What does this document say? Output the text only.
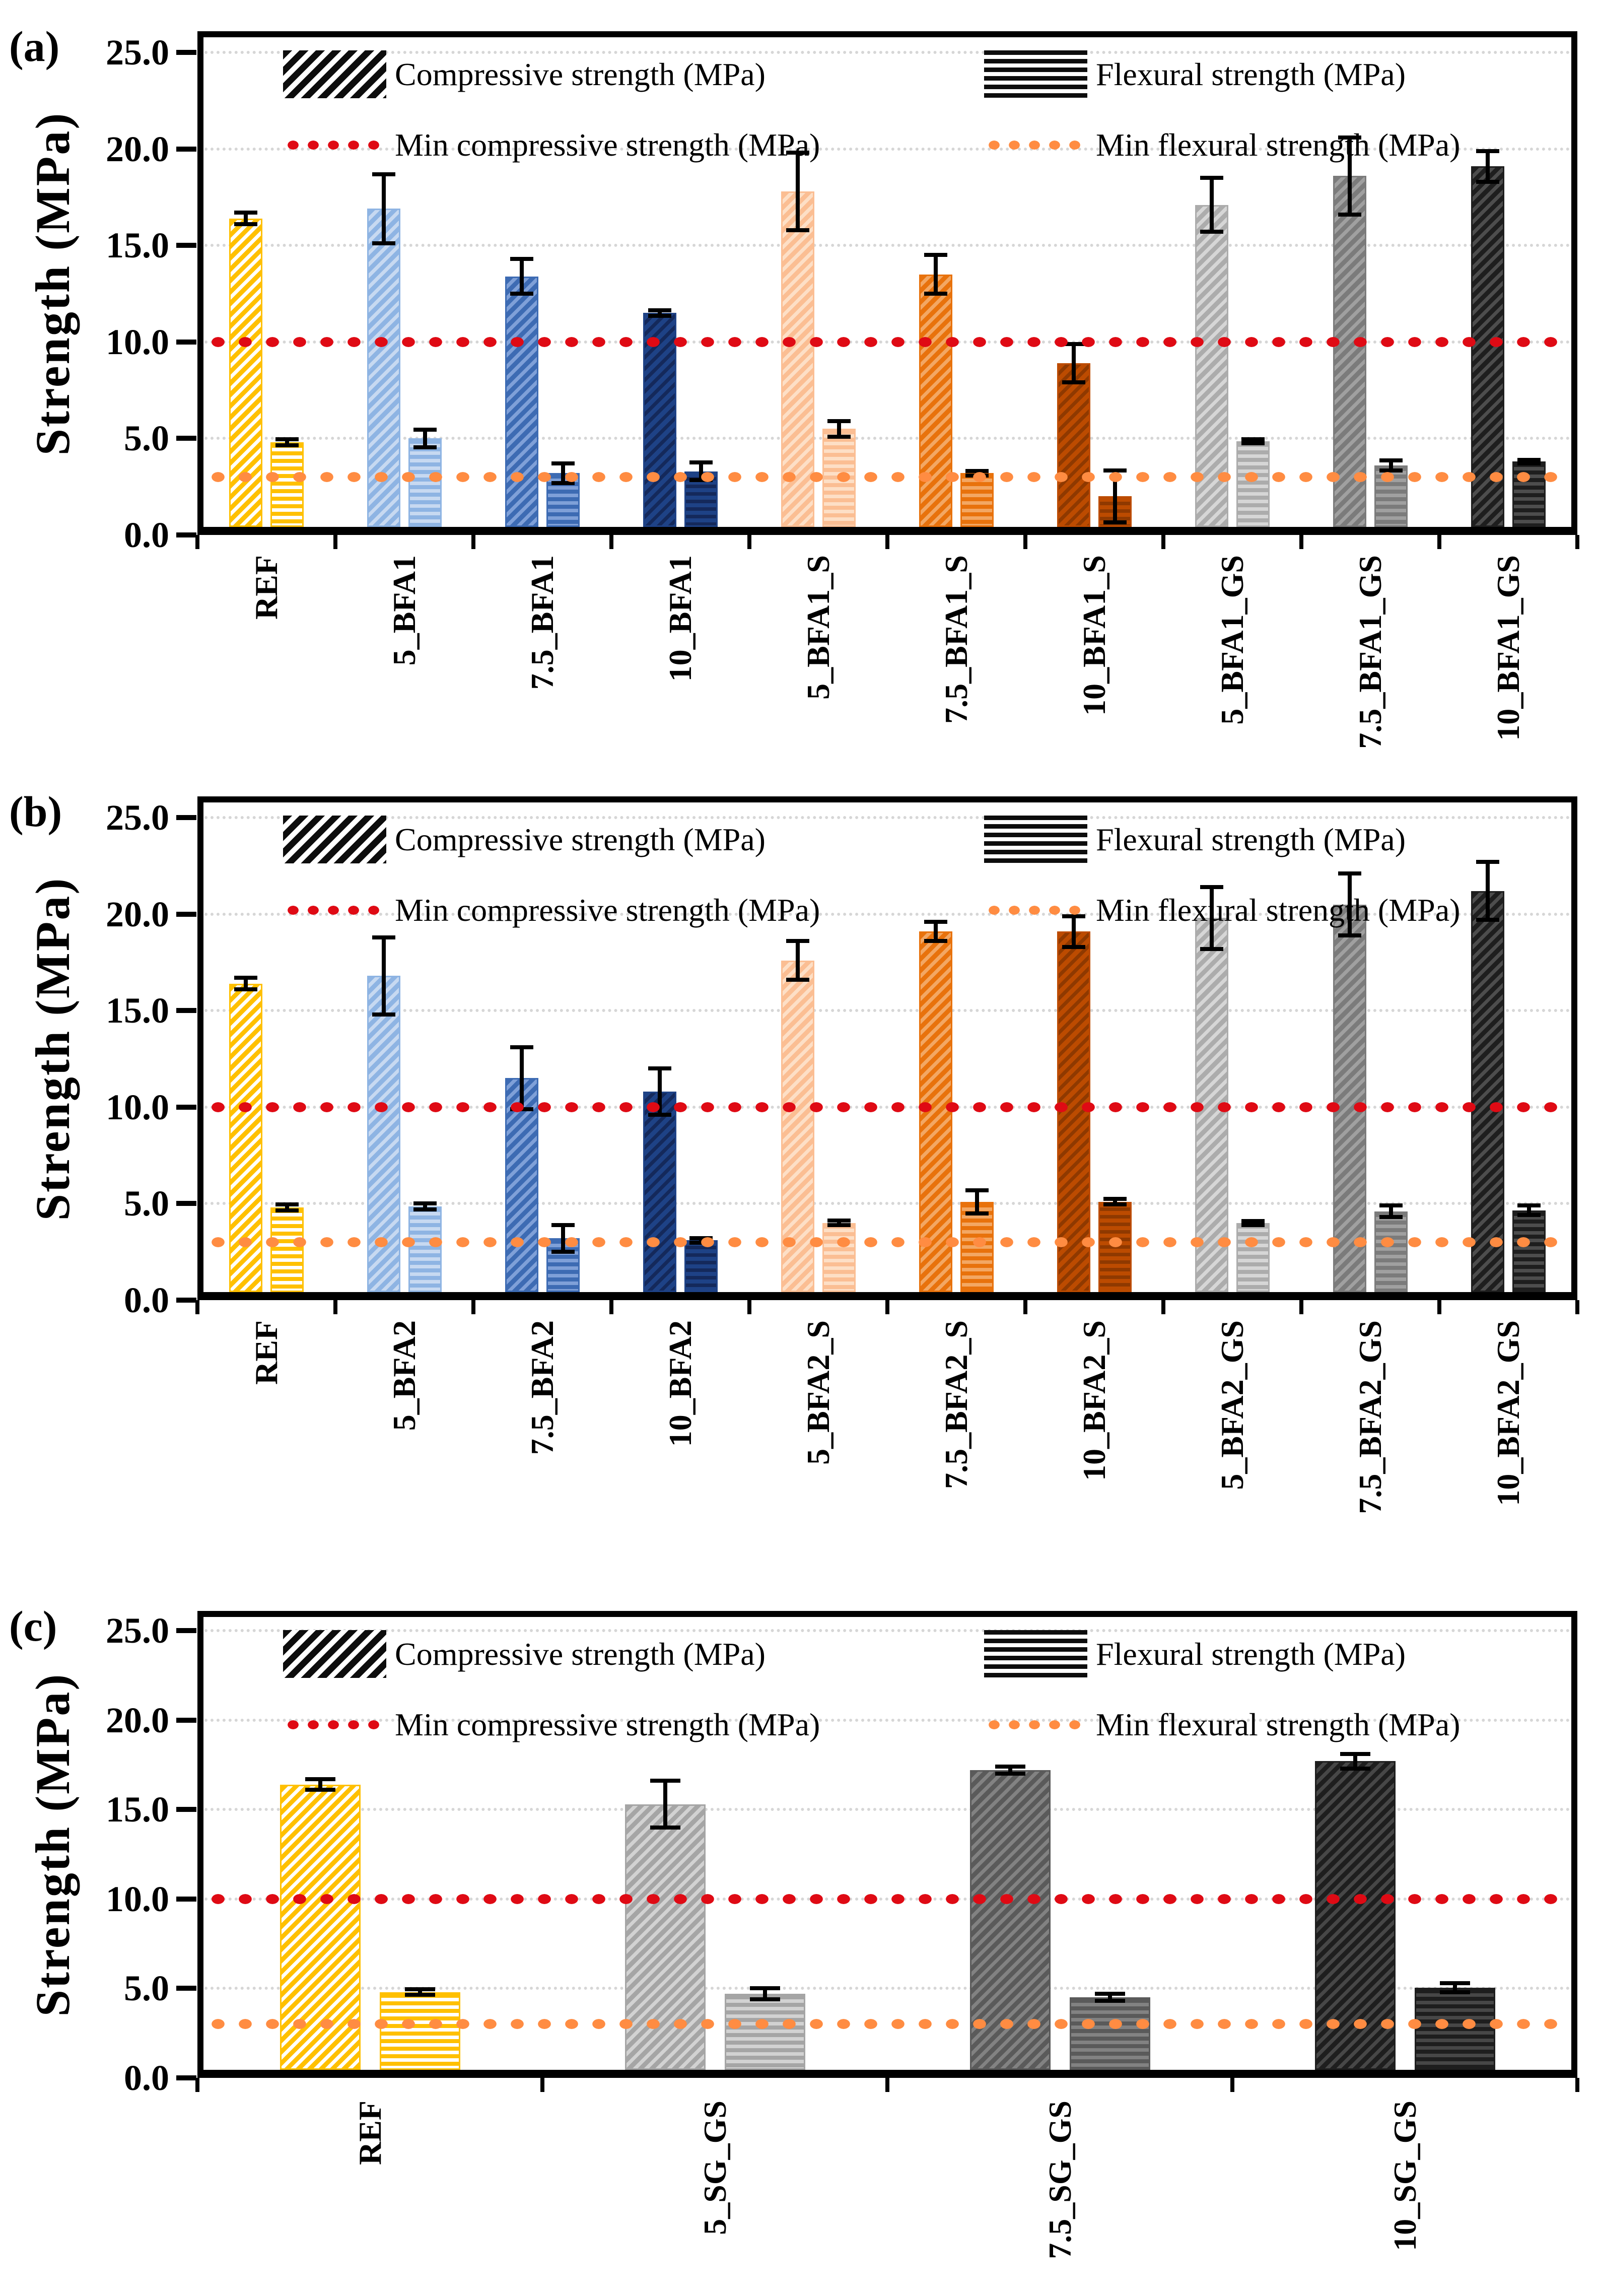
(a)
Strength (MPa)
0.0
5.0
10.0
15.0
20.0
25.0
REF	5_BFA1	7.5_BFA1	10_BFA1	5_BFA1_S	7.5_BFA1_S	10_BFA1_S	5_BFA1_GS	7.5_BFA1_GS	10_BFA1_GS
Compressive strength (MPa)	Flexural strength (MPa)
Min compressive strength (MPa)	Min flexural strength (MPa)
(b)
Strength (MPa)
0.0
5.0
10.0
15.0
20.0
25.0
REF	5_BFA2	7.5_BFA2	10_BFA2	5_BFA2_S	7.5_BFA2_S	10_BFA2_S	5_BFA2_GS	7.5_BFA2_GS	10_BFA2_GS
Compressive strength (MPa)	Flexural strength (MPa)
Min compressive strength (MPa)	Min flexural strength (MPa)
(c)
Strength (MPa)
0.0
5.0
10.0
15.0
20.0
25.0
REF	5_SG_GS	7.5_SG_GS	10_SG_GS
Compressive strength (MPa)	Flexural strength (MPa)
Min compressive strength (MPa)	Min flexural strength (MPa)
